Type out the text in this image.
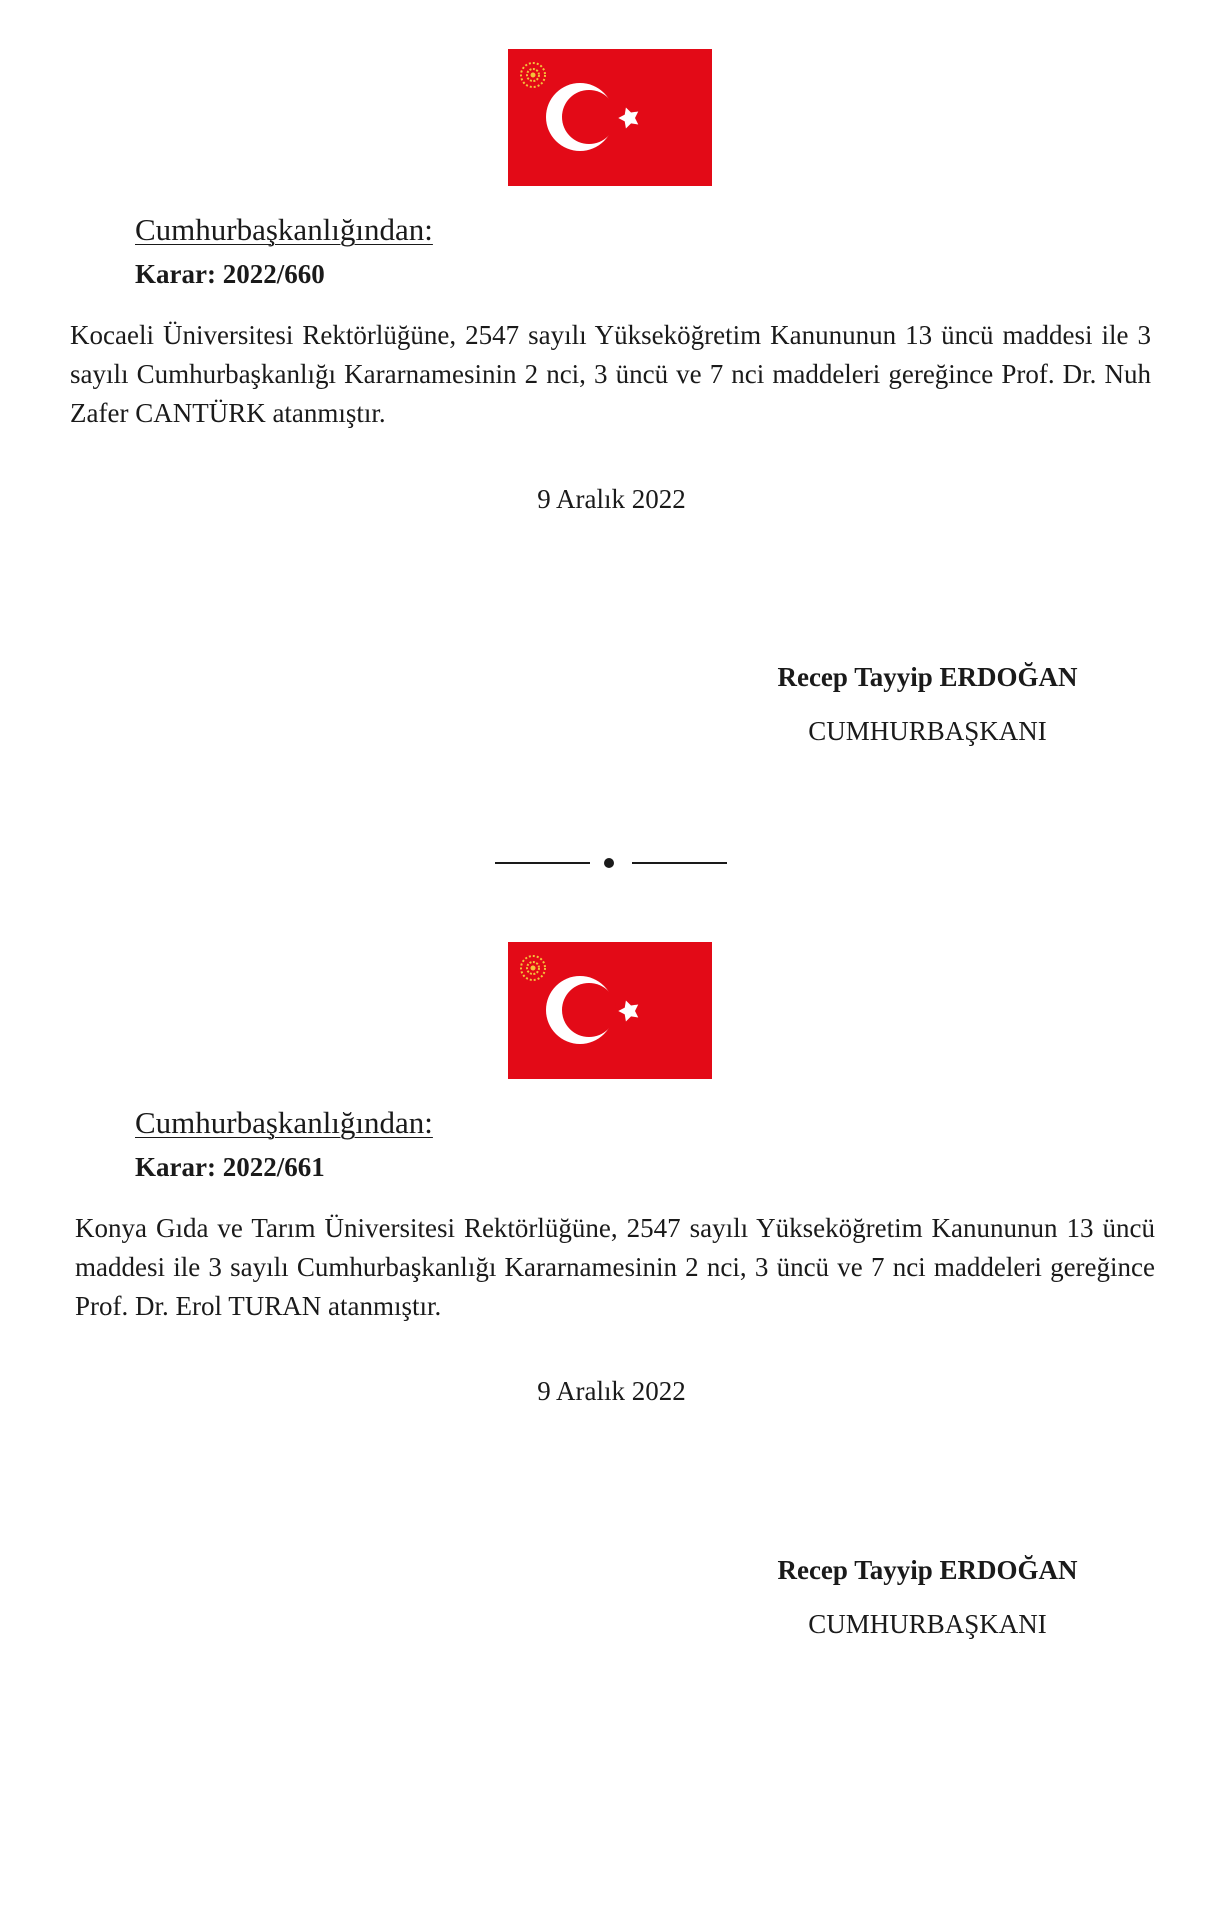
Cumhurbaşkanlığından:
Karar: 2022/660
Kocaeli Üniversitesi Rektörlüğüne, 2547 sayılı Yükseköğretim Kanununun 13 üncü maddesi ile 3 sayılı Cumhurbaşkanlığı Kararnamesinin 2 nci, 3 üncü ve 7 nci maddeleri gereğince Prof. Dr. Nuh Zafer CANTÜRK atanmıştır.
9 Aralık 2022
Recep Tayyip ERDOĞAN
CUMHURBAŞKANI
Cumhurbaşkanlığından:
Karar: 2022/661
Konya Gıda ve Tarım Üniversitesi Rektörlüğüne, 2547 sayılı Yükseköğretim Kanununun 13 üncü maddesi ile 3 sayılı Cumhurbaşkanlığı Kararnamesinin 2 nci, 3 üncü ve 7 nci maddeleri gereğince Prof. Dr. Erol TURAN atanmıştır.
9 Aralık 2022
Recep Tayyip ERDOĞAN
CUMHURBAŞKANI
